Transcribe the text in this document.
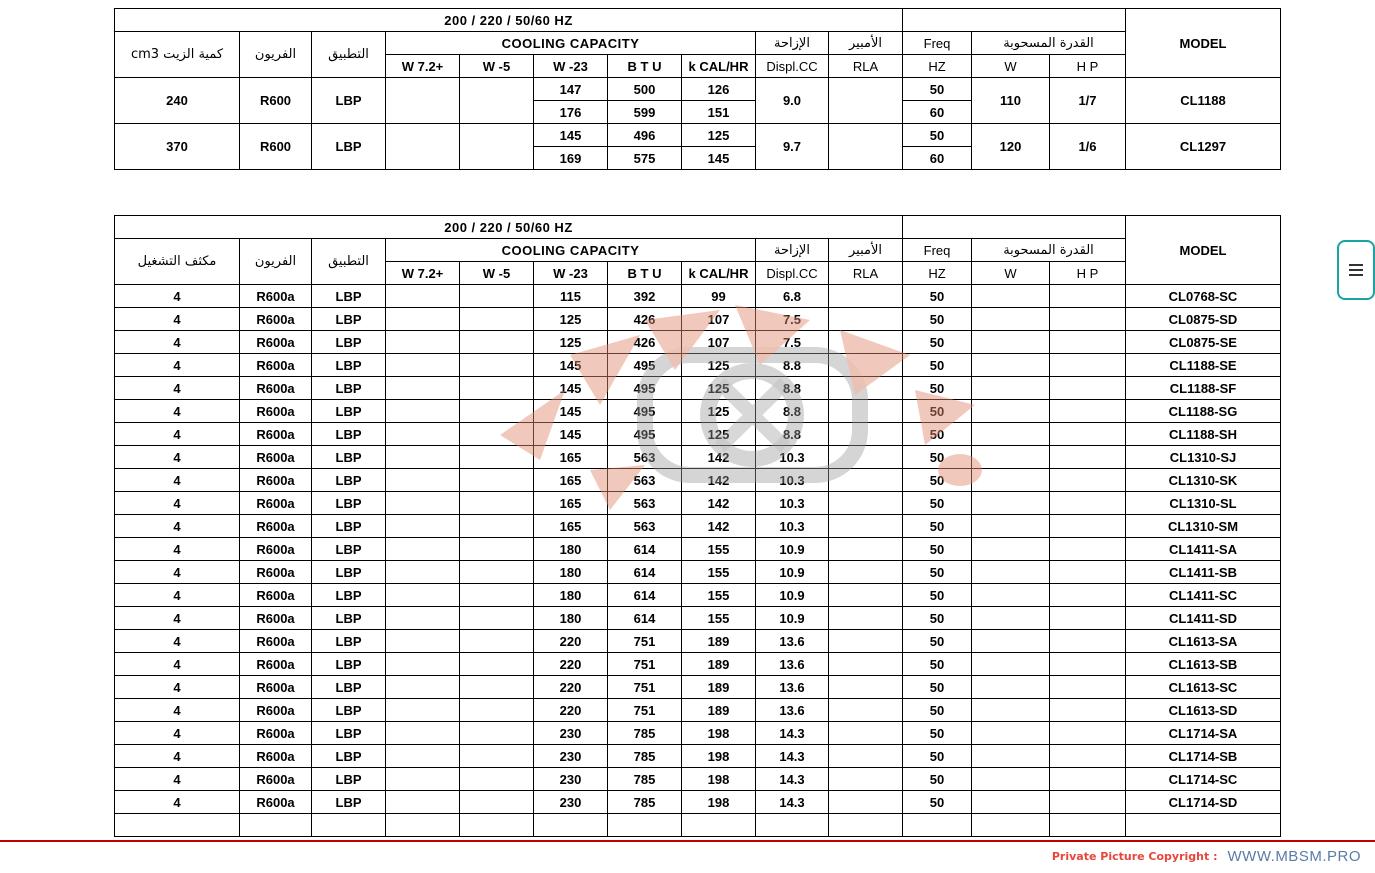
200 / 220 / 50/60 HZ													MODEL
كمية الزيت cm3	الفريون	التطبيق	COOLING CAPACITY					الإزاحة	الأمبير	Freq	القدرة المسحوبة		
			W 7.2+	W -5	W -23	B T U	k CAL/HR	Displ.CC	RLA	HZ	W	H P	
240	R600	LBP			147	500	126	9.0		50	110	1/7	CL1188
					176	599	151			60			
370	R600	LBP			145	496	125	9.7		50	120	1/6	CL1297
					169	575	145			60			
200 / 220 / 50/60 HZ													MODEL
مكثف التشغيل	الفريون	التطبيق	COOLING CAPACITY					الإزاحة	الأمبير	Freq	القدرة المسحوبة		
			W 7.2+	W -5	W -23	B T U	k CAL/HR	Displ.CC	RLA	HZ	W	H P	
4	R600a	LBP			115	392	99	6.8		50			CL0768-SC
4	R600a	LBP			125	426	107	7.5		50			CL0875-SD
4	R600a	LBP			125	426	107	7.5		50			CL0875-SE
4	R600a	LBP			145	495	125	8.8		50			CL1188-SE
4	R600a	LBP			145	495	125	8.8		50			CL1188-SF
4	R600a	LBP			145	495	125	8.8		50			CL1188-SG
4	R600a	LBP			145	495	125	8.8		50			CL1188-SH
4	R600a	LBP			165	563	142	10.3		50			CL1310-SJ
4	R600a	LBP			165	563	142	10.3		50			CL1310-SK
4	R600a	LBP			165	563	142	10.3		50			CL1310-SL
4	R600a	LBP			165	563	142	10.3		50			CL1310-SM
4	R600a	LBP			180	614	155	10.9		50			CL1411-SA
4	R600a	LBP			180	614	155	10.9		50			CL1411-SB
4	R600a	LBP			180	614	155	10.9		50			CL1411-SC
4	R600a	LBP			180	614	155	10.9		50			CL1411-SD
4	R600a	LBP			220	751	189	13.6		50			CL1613-SA
4	R600a	LBP			220	751	189	13.6		50			CL1613-SB
4	R600a	LBP			220	751	189	13.6		50			CL1613-SC
4	R600a	LBP			220	751	189	13.6		50			CL1613-SD
4	R600a	LBP			230	785	198	14.3		50			CL1714-SA
4	R600a	LBP			230	785	198	14.3		50			CL1714-SB
4	R600a	LBP			230	785	198	14.3		50			CL1714-SC
4	R600a	LBP			230	785	198	14.3		50			CL1714-SD

Private Picture Copyright : WWW.MBSM.PRO
